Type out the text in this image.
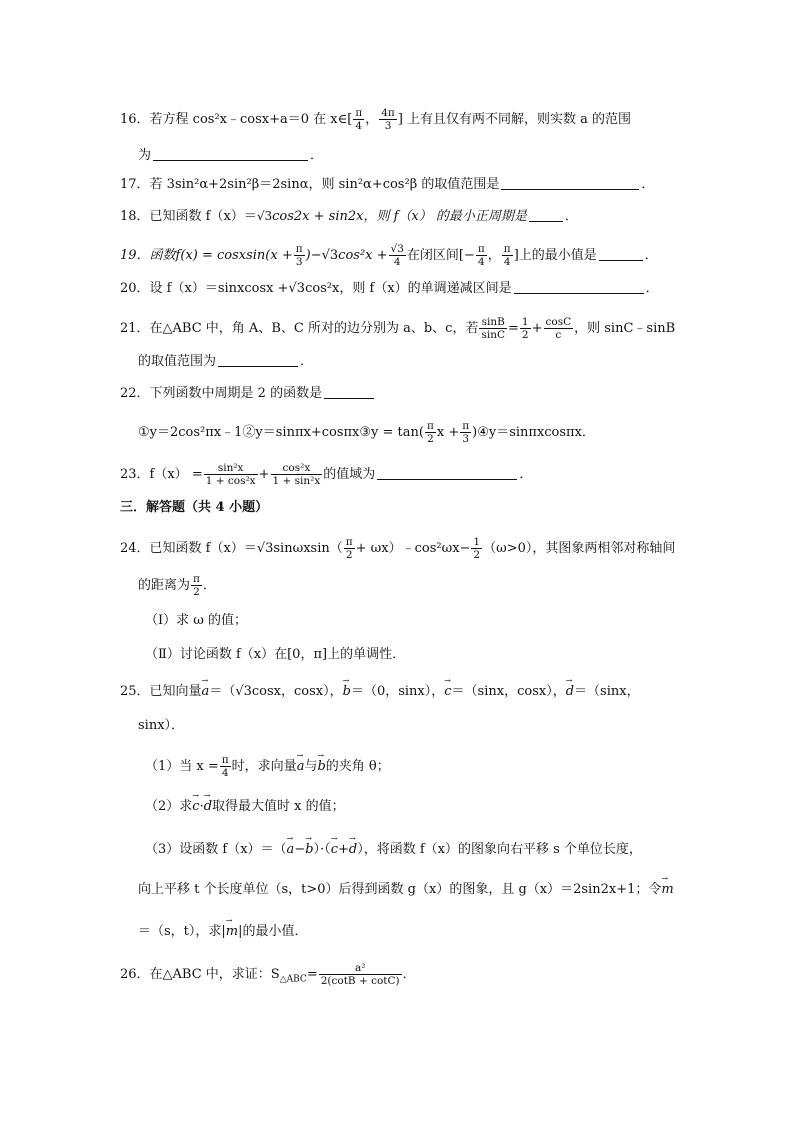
16．若方程 cos²x﹣cosx+a＝0 在 x∈[ $\frac{\pi}{4}$ ， $\frac{4\pi}{3}$ ] 上有且仅有两不同解，则实数 a 的范围
为	．
17．若 3sin²α+2sin²β＝2sinα，则 sin²α+cos²β 的取值范围是	．
18．已知函数 f（x）＝√3cos2x + sin2x，则 f（x） 的最小正周期是	．
19．函数f(x) = cosxsin(x + $\frac{\pi}{3} )-√3\cos^2x + \frac{√3}{4}$ 在闭区间[− $\frac{\pi}{4}$ ， $\frac{\pi}{4}$ ]上的最小值是	．
20．设 f（x）＝sinxcosx +√3cos²x，则 f（x）的单调递减区间是	．
21．在△ABC 中，角 A、B、C 所对的边分别为 a、b、c，若 $\frac{\sin B}{\sin C} = \frac{1}{2} + \frac{\cos C}{c}$ ，则 sinC﹣sinB
的取值范围为	．
22．下列函数中周期是 2 的函数是
①y＝2cos²πx﹣1②y＝sinπx+cosπx③y = $\tan( \frac{\pi}{2}$ $x + \frac{\pi}{3}$ )④y＝sinπxcosπx．
23．$f(x) = \frac{\text{sin²x}}{\text{1 + cos²x}} + \frac{\text{cos²x}}{\text{1 + sin²x}}$ 的值域为	．
三．解答题（共 4 小题）
24．已知函数 $f(x)=√3\sin\omega xsin( \frac{\pi}{2}$ + ωx）﹣cos²ωx− $\frac{1}{2} (\omega>0)$，其图象两相邻对称轴间
的距离为 $\frac{\pi}{2}$ ．
（Ⅰ）求 ω 的值；
（Ⅱ）讨论函数 f（x）在[0，π]上的单调性．
25．已知向量→ a＝（√3cosx，cosx），→ b＝（0，sinx），→ c＝（sinx，cosx），→ d＝（sinx，
sinx）．
（1）当 $x = \frac{\pi}{4}$ 时，求向量→ a与→ b的夹角 θ；
（2）求→ c·→ d取得最大值时 x 的值；
（3）设函数 f（x）＝（→ a−→ b）·（→ c+→ d），将函数 f（x）的图象向右平移 s 个单位长度，
向上平移 t 个长度单位（s，t>0）后得到函数 g（x）的图象，且 g（x）＝2sin2x+1；令→ m
＝（s，t），求|→ m|的最小值．
26．在△ABC 中，求证：$S_{\triangle ABC}= \frac{\text{a²}}{2(\cot B + \cot C)}$ ．
